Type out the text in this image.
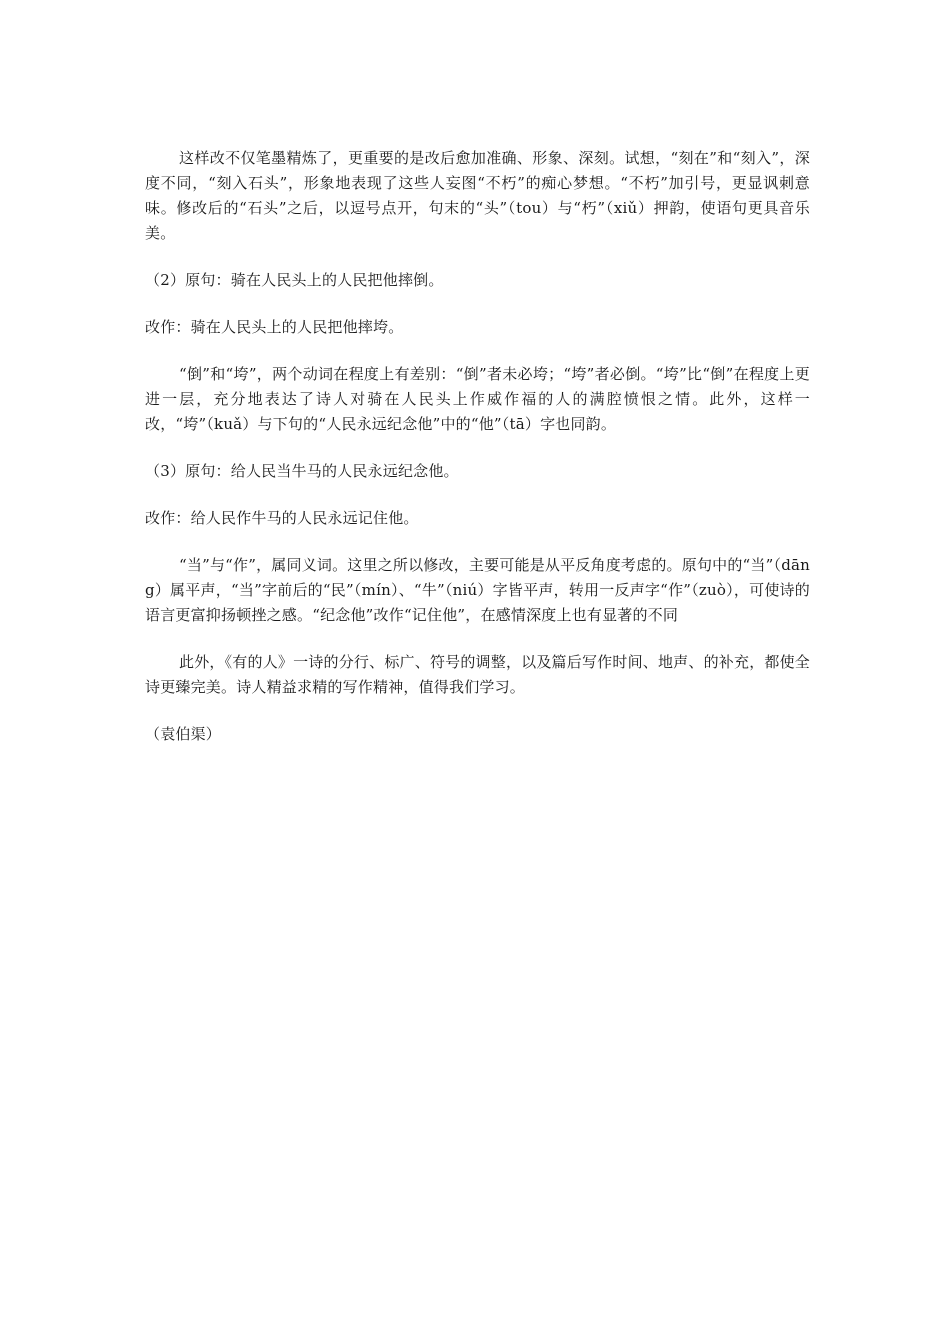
这样改不仅笔墨精炼了，更重要的是改后愈加准确、形象、深刻。试想，“刻在”和“刻入”，深度不同，“刻入石头”，形象地表现了这些人妄图“不朽”的痴心梦想。“不朽”加引号，更显讽刺意味。修改后的“石头”之后，以逗号点开，句末的“头”（tou）与“朽”（xiǔ）押韵，使语句更具音乐美。

（2）原句：骑在人民头上的人民把他摔倒。

改作：骑在人民头上的人民把他摔垮。

“倒”和“垮”，两个动词在程度上有差别：“倒”者未必垮；“垮”者必倒。“垮”比“倒”在程度上更进一层，充分地表达了诗人对骑在人民头上作威作福的人的满腔愤恨之情。此外，这样一改，“垮”（kuǎ）与下句的“人民永远纪念他”中的“他”（tā）字也同韵。

（3）原句：给人民当牛马的人民永远纪念他。

改作：给人民作牛马的人民永远记住他。

“当”与“作”，属同义词。这里之所以修改，主要可能是从平反角度考虑的。原句中的“当”（dāng）属平声，“当”字前后的“民”（mín）、“牛”（niú）字皆平声，转用一反声字“作”（zuò），可使诗的语言更富抑扬顿挫之感。“纪念他”改作“记住他”，在感情深度上也有显著的不同

此外，《有的人》一诗的分行、标广、符号的调整，以及篇后写作时间、地声、的补充，都使全诗更臻完美。诗人精益求精的写作精神，值得我们学习。

（袁伯渠）
